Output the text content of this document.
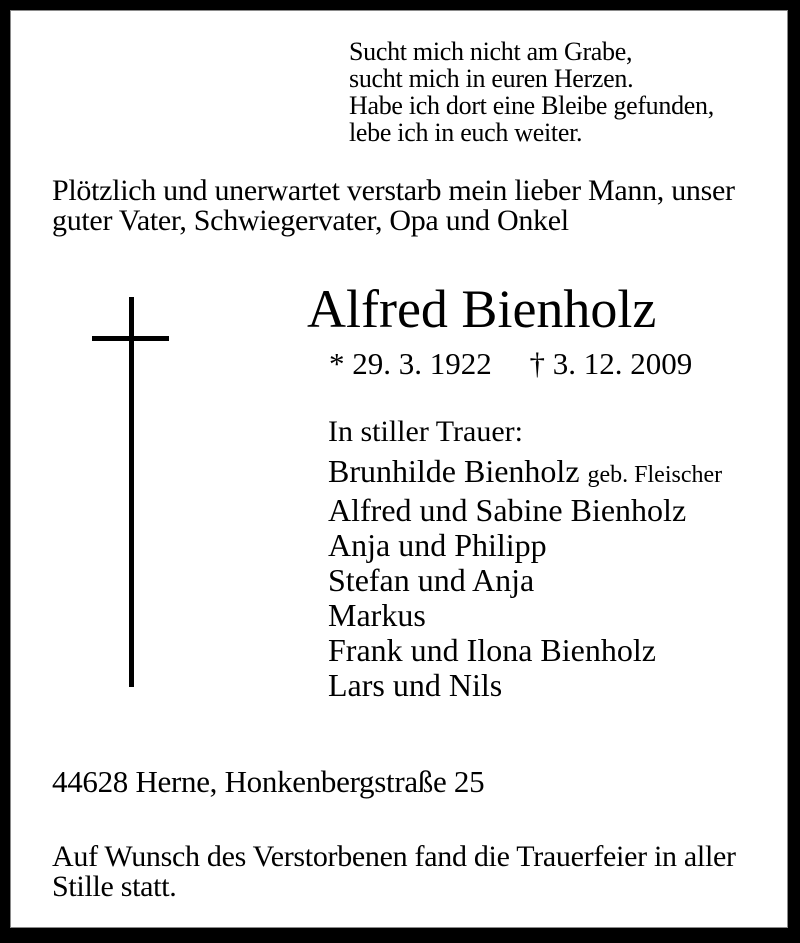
Sucht mich nicht am Grabe,
sucht mich in euren Herzen.
Habe ich dort eine Bleibe gefunden,
lebe ich in euch weiter.
Plötzlich und unerwartet verstarb mein lieber Mann, unser
guter Vater, Schwiegervater, Opa und Onkel
Alfred Bienholz
* 29. 3. 1922 † 3. 12. 2009
In stiller Trauer:
Brunhilde Bienholz geb. Fleischer
Alfred und Sabine Bienholz
Anja und Philipp
Stefan und Anja
Markus
Frank und Ilona Bienholz
Lars und Nils
44628 Herne, Honkenbergstraße 25
Auf Wunsch des Verstorbenen fand die Trauerfeier in aller
Stille statt.
